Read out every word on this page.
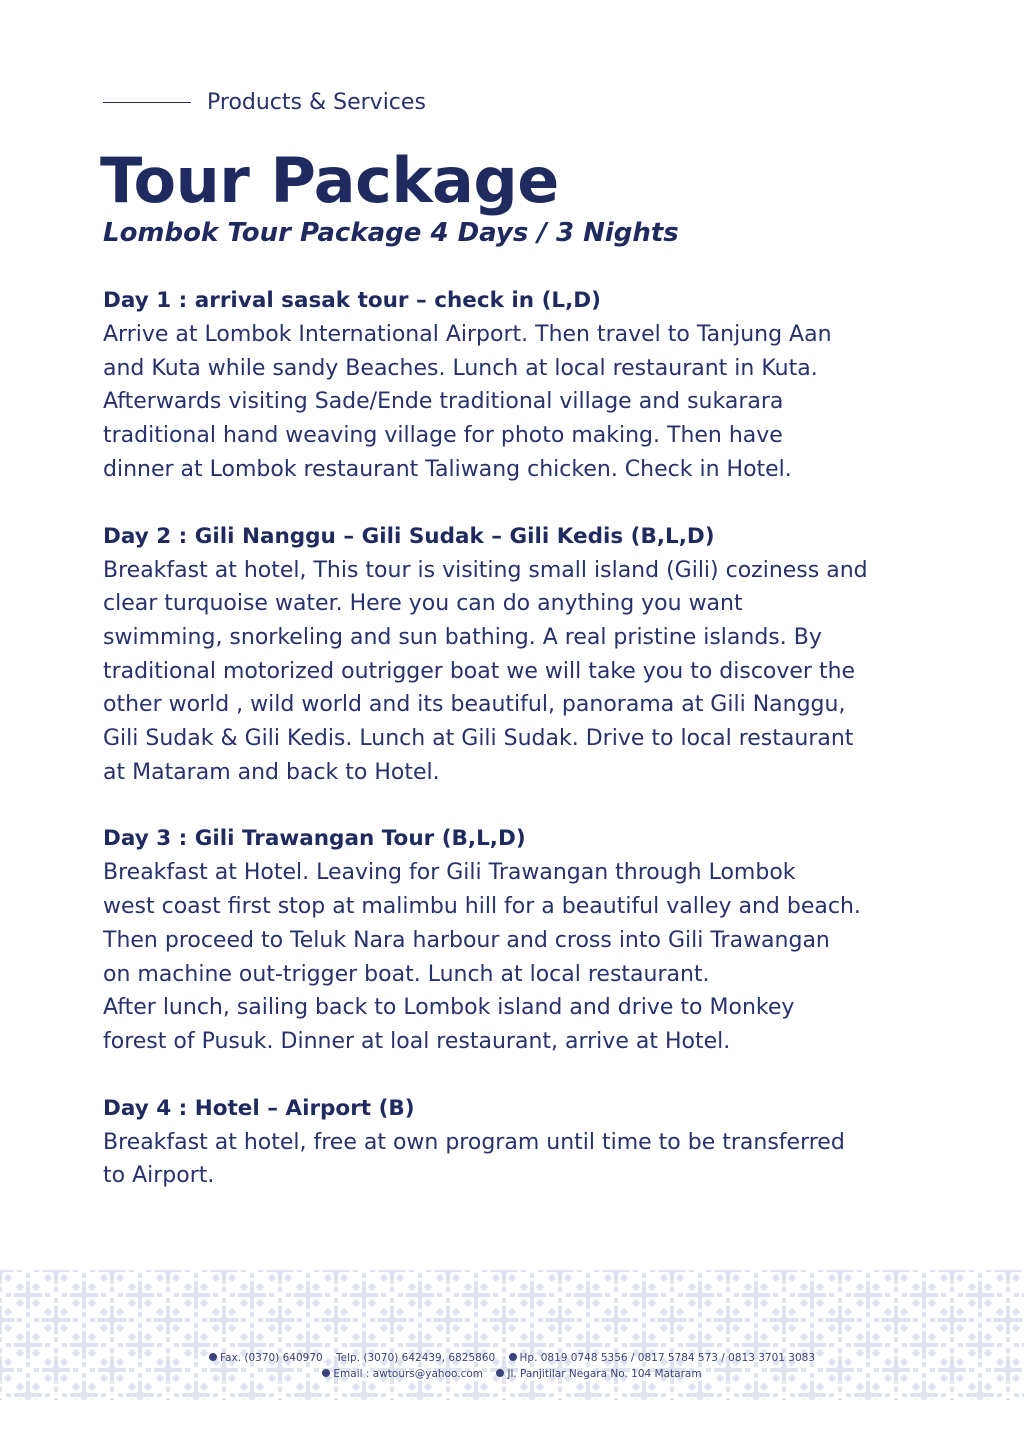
Products & Services
Tour Package
Lombok Tour Package 4 Days / 3 Nights
Day 1 : arrival sasak tour – check in (L,D)
Arrive at Lombok International Airport. Then travel to Tanjung Aan
and Kuta while sandy Beaches. Lunch at local restaurant in Kuta.
Afterwards visiting Sade/Ende traditional village and sukarara
traditional hand weaving village for photo making. Then have
dinner at Lombok restaurant Taliwang chicken. Check in Hotel.
Day 2 : Gili Nanggu – Gili Sudak – Gili Kedis (B,L,D)
Breakfast at hotel, This tour is visiting small island (Gili) coziness and
clear turquoise water. Here you can do anything you want
swimming, snorkeling and sun bathing. A real pristine islands. By
traditional motorized outrigger boat we will take you to discover the
other world , wild world and its beautiful, panorama at Gili Nanggu,
Gili Sudak & Gili Kedis. Lunch at Gili Sudak. Drive to local restaurant
at Mataram and back to Hotel.
Day 3 : Gili Trawangan Tour (B,L,D)
Breakfast at Hotel. Leaving for Gili Trawangan through Lombok
west coast first stop at malimbu hill for a beautiful valley and beach.
Then proceed to Teluk Nara harbour and cross into Gili Trawangan
on machine out-trigger boat. Lunch at local restaurant.
After lunch, sailing back to Lombok island and drive to Monkey
forest of Pusuk. Dinner at loal restaurant, arrive at Hotel.
Day 4 : Hotel – Airport (B)
Breakfast at hotel, free at own program until time to be transferred
to Airport.
Fax. (0370) 640970 Telp. (3070) 642439, 6825860 Hp. 0819 0748 5356 / 0817 5784 573 / 0813 3701 3083
Email : awtours@yahoo.com Jl. Panjitilar Negara No. 104 Mataram
